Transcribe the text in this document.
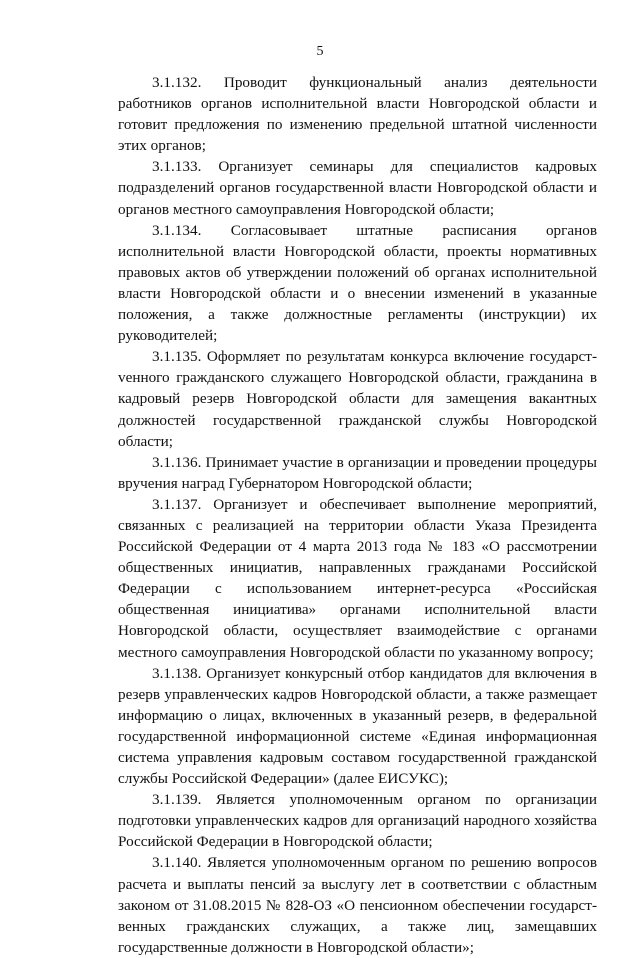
5

3.1.132. Проводит функциональный анализ деятельности работников органов исполнительной власти Новгородской области и готовит предложения по изменению предельной штатной численности этих органов;

3.1.133. Организует семинары для специалистов кадровых подразделений органов государственной власти Новгородской области и органов местного самоуправления Новгородской области;

3.1.134. Согласовывает штатные расписания органов исполнительной власти Новгородской области, проекты нормативных правовых актов об утверждении положений об органах исполнительной власти Новгородской области и о внесении изменений в указанные положения, а также должностные регламенты (инструкции) их руководителей;

3.1.135. Оформляет по результатам конкурса включение государстvенного гражданского служащего Новгородской области, гражданина в кадровый резерв Новгородской области для замещения вакантных должностей государственной гражданской службы Новгородской области;

3.1.136. Принимает участие в организации и проведении процедуры вручения наград Губернатором Новгородской области;

3.1.137. Организует и обеспечивает выполнение мероприятий, связанных с реализацией на территории области Указа Президента Российской Федерации от 4 марта 2013 года № 183 «О рассмотрении общественных инициатив, направленных гражданами Российской Федерации с использованием интернет-ресурса «Российская общественная инициатива» органами исполнительной власти Новгородской области, осуществляет взаимодействие с органами местного самоуправления Новгородской области по указанному вопросу;

3.1.138. Организует конкурсный отбор кандидатов для включения в резерв управленческих кадров Новгородской области, а также размещает информацию о лицах, включенных в указанный резерв, в федеральной государственной информационной системе «Единая информационная система управления кадровым составом государственной гражданской службы Российской Федерации» (далее ЕИСУКС);

3.1.139. Является уполномоченным органом по организации подготовки управленческих кадров для организаций народного хозяйства Российской Федерации в Новгородской области;

3.1.140. Является уполномоченным органом по решению вопросов расчета и выплаты пенсий за выслугу лет в соответствии с областным законом от 31.08.2015 № 828-ОЗ «О пенсионном обеспечении государственных гражданских служащих, а также лиц, замещавших государственные должности в Новгородской области»;
